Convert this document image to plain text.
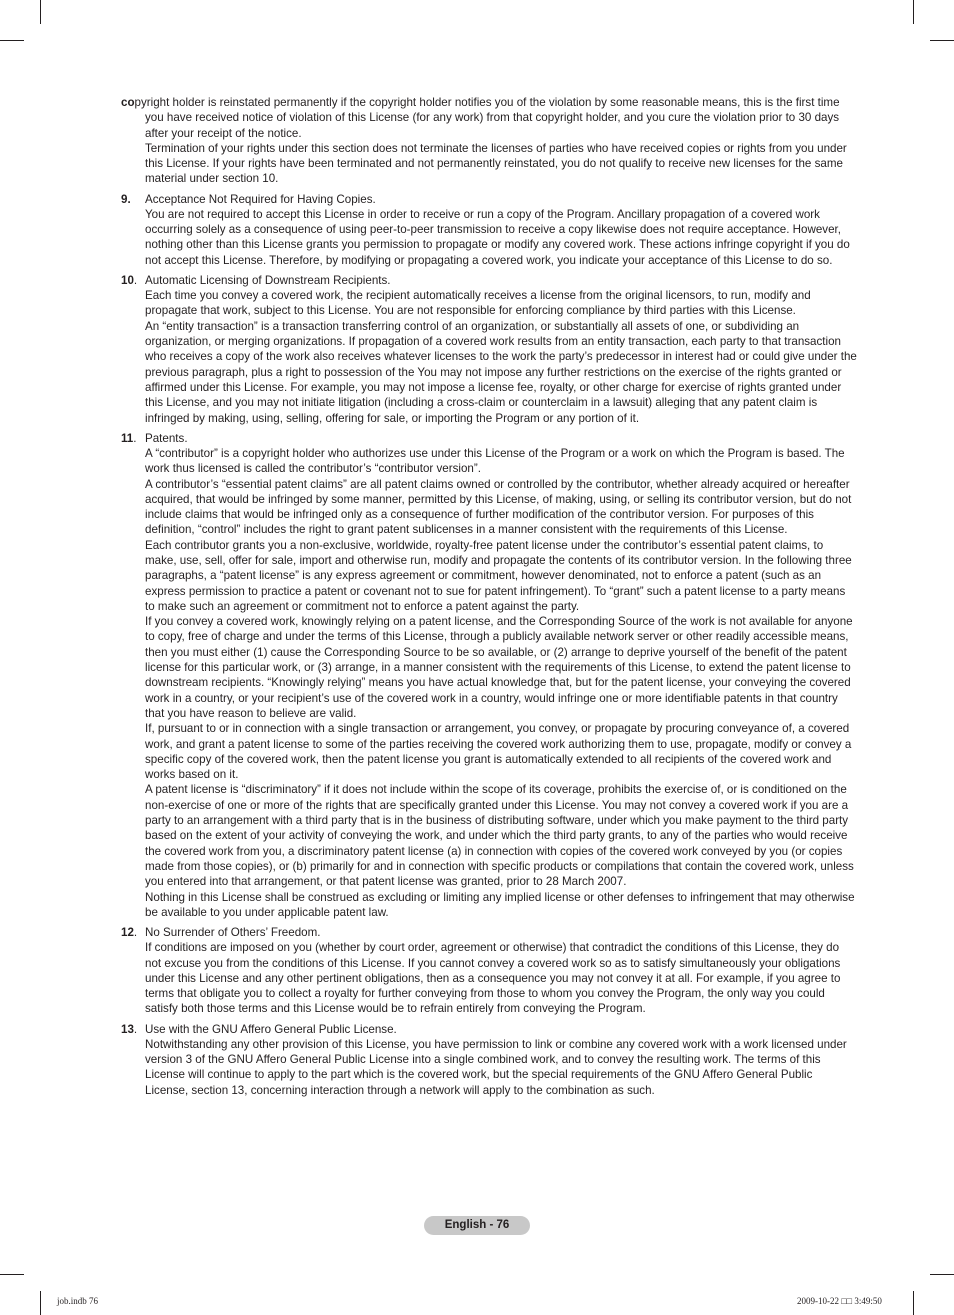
copyright holder is reinstated permanently if the copyright holder notifies you of the violation by some reasonable means, this is the first time you have received notice of violation of this License (for any work) from that copyright holder, and you cure the violation prior to 30 days after your receipt of the notice.

Termination of your rights under this section does not terminate the licenses of parties who have received copies or rights from you under this License. If your rights have been terminated and not permanently reinstated, you do not qualify to receive new licenses for the same material under section 10.

9.	Acceptance Not Required for Having Copies.

You are not required to accept this License in order to receive or run a copy of the Program. Ancillary propagation of a covered work occurring solely as a consequence of using peer-to-peer transmission to receive a copy likewise does not require acceptance. However, nothing other than this License grants you permission to propagate or modify any covered work. These actions infringe copyright if you do not accept this License. Therefore, by modifying or propagating a covered work, you indicate your acceptance of this License to do so.

10. Automatic Licensing of Downstream Recipients.

Each time you convey a covered work, the recipient automatically receives a license from the original licensors, to run, modify and propagate that work, subject to this License. You are not responsible for enforcing compliance by third parties with this License.

An “entity transaction” is a transaction transferring control of an organization, or substantially all assets of one, or subdividing an organization, or merging organizations. If propagation of a covered work results from an entity transaction, each party to that transaction who receives a copy of the work also receives whatever licenses to the work the party’s predecessor in interest had or could give under the previous paragraph, plus a right to possession of the You may not impose any further restrictions on the exercise of the rights granted or affirmed under this License. For example, you may not impose a license fee, royalty, or other charge for exercise of rights granted under this License, and you may not initiate litigation (including a cross-claim or counterclaim in a lawsuit) alleging that any patent claim is infringed by making, using, selling, offering for sale, or importing the Program or any portion of it.

11. Patents.

A “contributor” is a copyright holder who authorizes use under this License of the Program or a work on which the Program is based. The work thus licensed is called the contributor’s “contributor version”.

A contributor’s “essential patent claims” are all patent claims owned or controlled by the contributor, whether already acquired or hereafter acquired, that would be infringed by some manner, permitted by this License, of making, using, or selling its contributor version, but do not include claims that would be infringed only as a consequence of further modification of the contributor version. For purposes of this definition, “control” includes the right to grant patent sublicenses in a manner consistent with the requirements of this License.

Each contributor grants you a non-exclusive, worldwide, royalty-free patent license under the contributor’s essential patent claims, to make, use, sell, offer for sale, import and otherwise run, modify and propagate the contents of its contributor version. In the following three paragraphs, a “patent license” is any express agreement or commitment, however denominated, not to enforce a patent (such as an express permission to practice a patent or covenant not to sue for patent infringement). To “grant” such a patent license to a party means to make such an agreement or commitment not to enforce a patent against the party.

If you convey a covered work, knowingly relying on a patent license, and the Corresponding Source of the work is not available for anyone to copy, free of charge and under the terms of this License, through a publicly available network server or other readily accessible means, then you must either (1) cause the Corresponding Source to be so available, or (2) arrange to deprive yourself of the benefit of the patent license for this particular work, or (3) arrange, in a manner consistent with the requirements of this License, to extend the patent license to downstream recipients. “Knowingly relying” means you have actual knowledge that, but for the patent license, your conveying the covered work in a country, or your recipient’s use of the covered work in a country, would infringe one or more identifiable patents in that country that you have reason to believe are valid.

If, pursuant to or in connection with a single transaction or arrangement, you convey, or propagate by procuring conveyance of, a covered work, and grant a patent license to some of the parties receiving the covered work authorizing them to use, propagate, modify or convey a specific copy of the covered work, then the patent license you grant is automatically extended to all recipients of the covered work and works based on it.

A patent license is “discriminatory” if it does not include within the scope of its coverage, prohibits the exercise of, or is conditioned on the non-exercise of one or more of the rights that are specifically granted under this License. You may not convey a covered work if you are a party to an arrangement with a third party that is in the business of distributing software, under which you make payment to the third party based on the extent of your activity of conveying the work, and under which the third party grants, to any of the parties who would receive the covered work from you, a discriminatory patent license (a) in connection with copies of the covered work conveyed by you (or copies made from those copies), or (b) primarily for and in connection with specific products or compilations that contain the covered work, unless you entered into that arrangement, or that patent license was granted, prior to 28 March 2007.

Nothing in this License shall be construed as excluding or limiting any implied license or other defenses to infringement that may otherwise be available to you under applicable patent law.

12. No Surrender of Others’ Freedom.

If conditions are imposed on you (whether by court order, agreement or otherwise) that contradict the conditions of this License, they do not excuse you from the conditions of this License. If you cannot convey a covered work so as to satisfy simultaneously your obligations under this License and any other pertinent obligations, then as a consequence you may not convey it at all. For example, if you agree to terms that obligate you to collect a royalty for further conveying from those to whom you convey the Program, the only way you could satisfy both those terms and this License would be to refrain entirely from conveying the Program.

13. Use with the GNU Affero General Public License.

Notwithstanding any other provision of this License, you have permission to link or combine any covered work with a work licensed under version 3 of the GNU Affero General Public License into a single combined work, and to convey the resulting work. The terms of this License will continue to apply to the part which is the covered work, but the special requirements of the GNU Affero General Public License, section 13, concerning interaction through a network will apply to the combination as such.

English - 76
job.indb 76	2009-10-22 □□ 3:49:50
